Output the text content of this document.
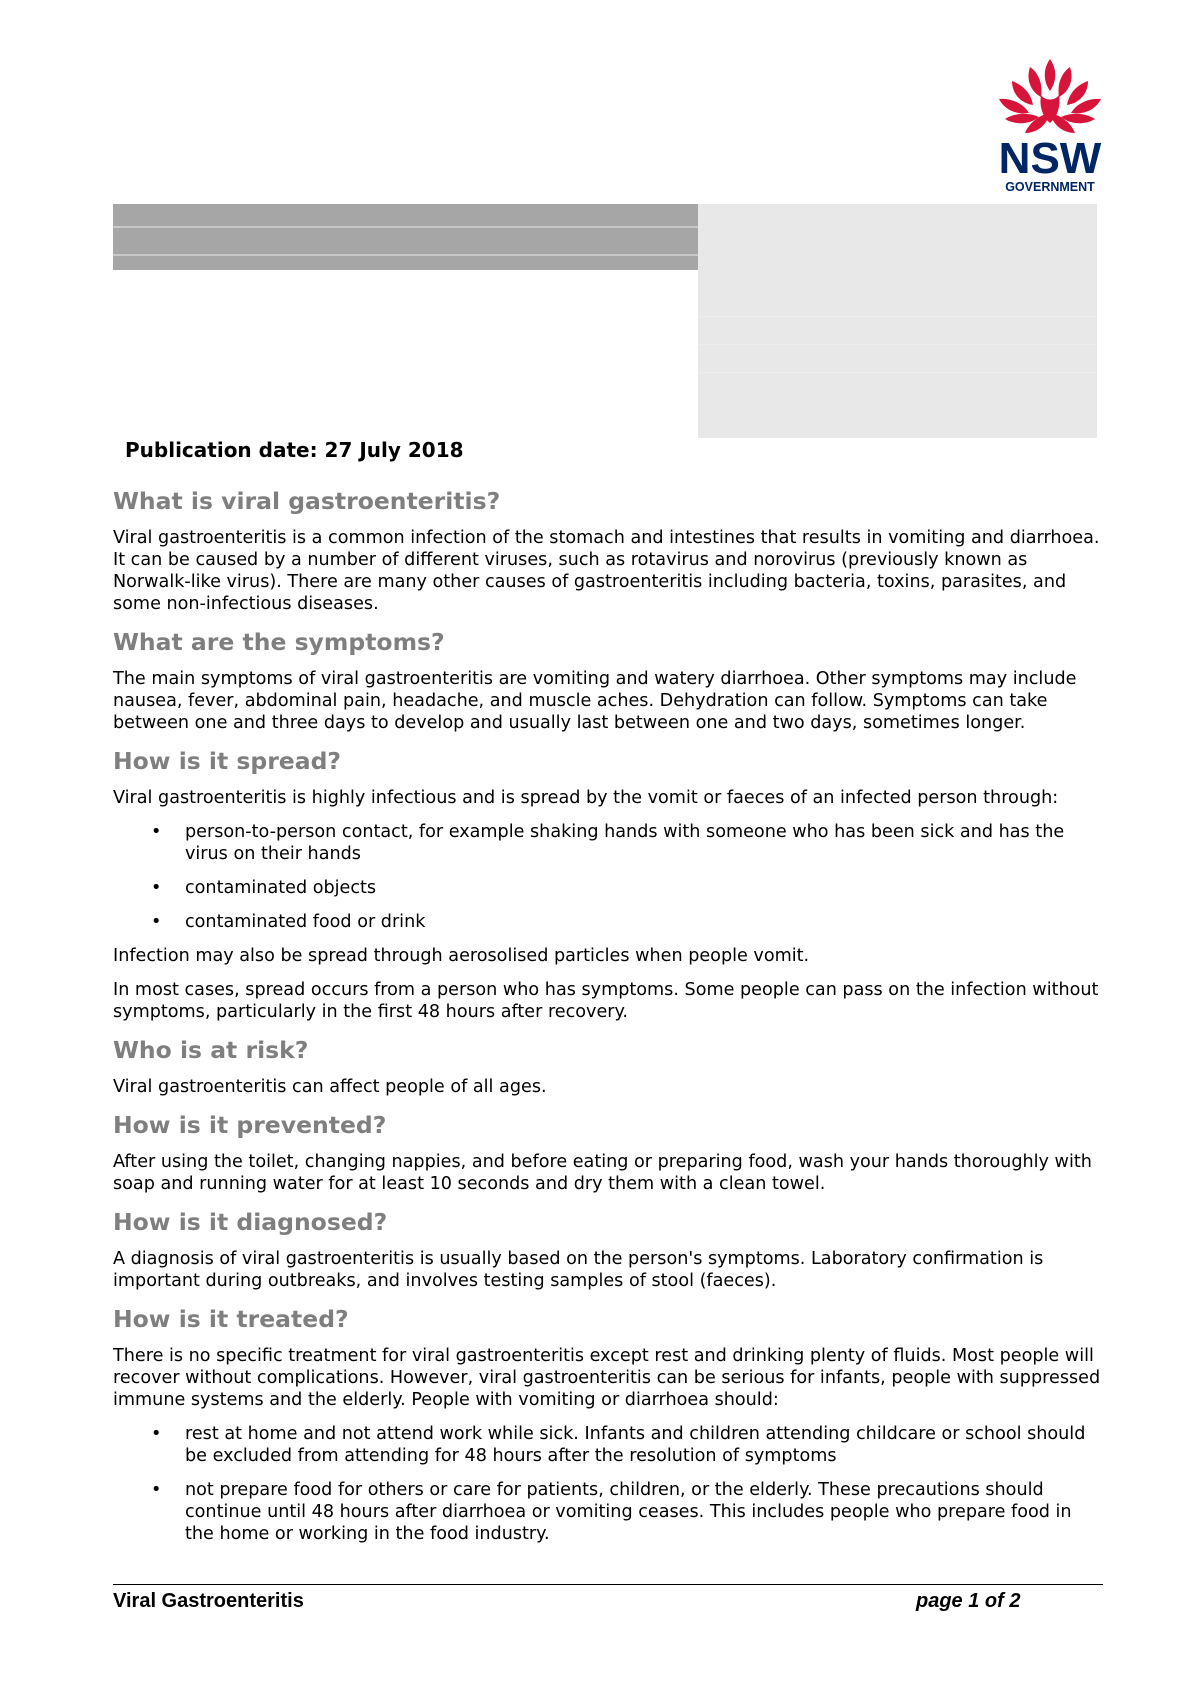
NSW
GOVERNMENT
Publication date: 27 July 2018
What is viral gastroenteritis?

Viral gastroenteritis is a common infection of the stomach and intestines that results in vomiting and diarrhoea. It can be caused by a number of different viruses, such as rotavirus and norovirus (previously known as Norwalk-like virus). There are many other causes of gastroenteritis including bacteria, toxins, parasites, and some non-infectious diseases.

What are the symptoms?

The main symptoms of viral gastroenteritis are vomiting and watery diarrhoea. Other symptoms may include nausea, fever, abdominal pain, headache, and muscle aches. Dehydration can follow. Symptoms can take between one and three days to develop and usually last between one and two days, sometimes longer.

How is it spread?

Viral gastroenteritis is highly infectious and is spread by the vomit or faeces of an infected person through:

• person-to-person contact, for example shaking hands with someone who has been sick and has the virus on their hands
• contaminated objects
• contaminated food or drink

Infection may also be spread through aerosolised particles when people vomit.

In most cases, spread occurs from a person who has symptoms. Some people can pass on the infection without symptoms, particularly in the first 48 hours after recovery.

Who is at risk?

Viral gastroenteritis can affect people of all ages.

How is it prevented?

After using the toilet, changing nappies, and before eating or preparing food, wash your hands thoroughly with soap and running water for at least 10 seconds and dry them with a clean towel.

How is it diagnosed?

A diagnosis of viral gastroenteritis is usually based on the person's symptoms. Laboratory confirmation is important during outbreaks, and involves testing samples of stool (faeces).

How is it treated?

There is no specific treatment for viral gastroenteritis except rest and drinking plenty of fluids. Most people will recover without complications. However, viral gastroenteritis can be serious for infants, people with suppressed immune systems and the elderly. People with vomiting or diarrhoea should:

• rest at home and not attend work while sick. Infants and children attending childcare or school should be excluded from attending for 48 hours after the resolution of symptoms
• not prepare food for others or care for patients, children, or the elderly. These precautions should continue until 48 hours after diarrhoea or vomiting ceases. This includes people who prepare food in the home or working in the food industry.
Viral Gastroenteritis	page 1 of 2
